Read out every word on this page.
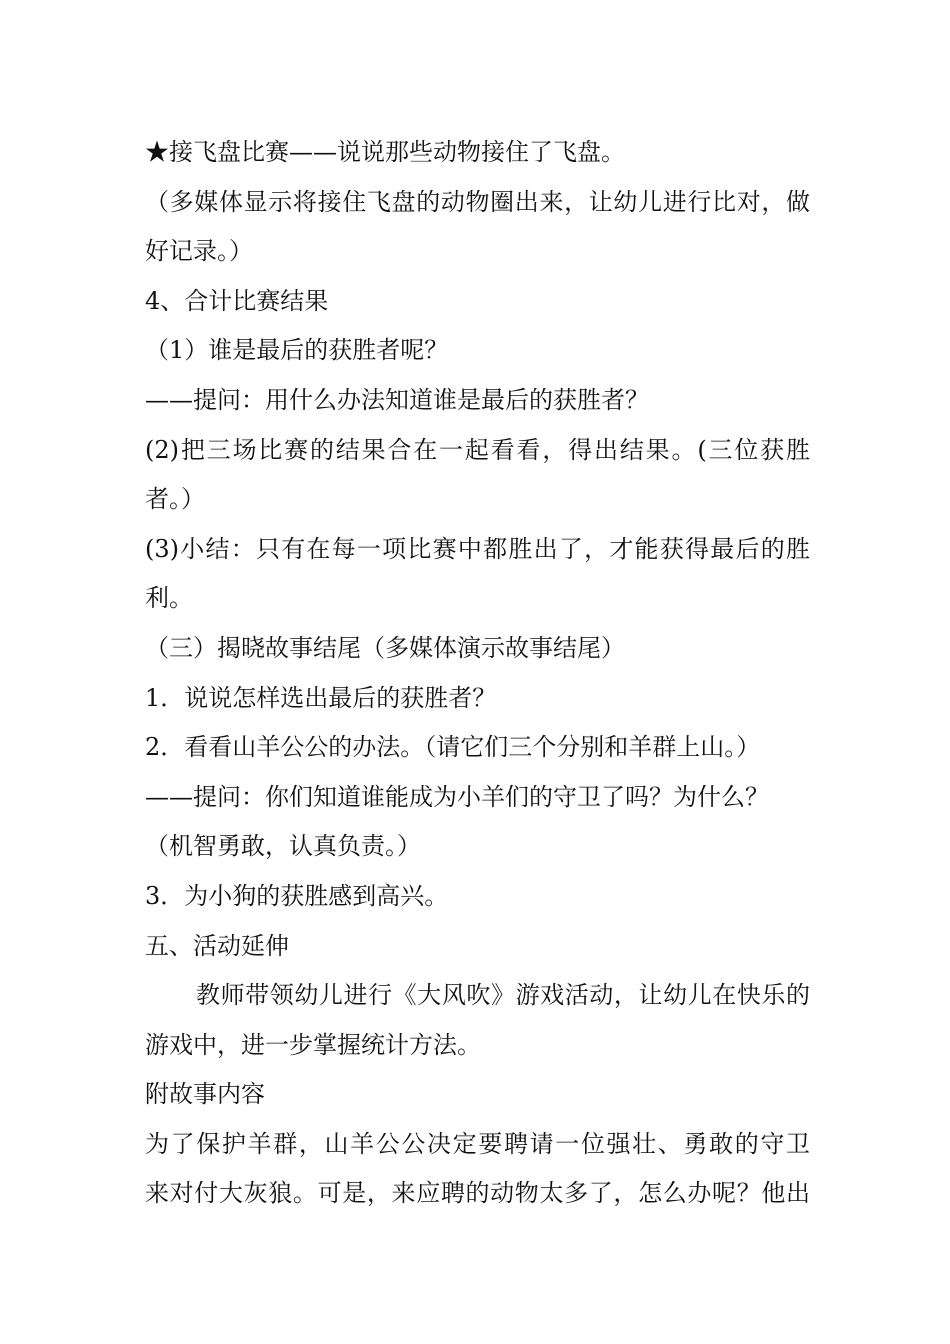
★接飞盘比赛——说说那些动物接住了飞盘。
（多媒体显示将接住飞盘的动物圈出来，让幼儿进行比对，做
好记录。）
4、合计比赛结果
（1）谁是最后的获胜者呢？
——提问：用什么办法知道谁是最后的获胜者？
(2)把三场比赛的结果合在一起看看，得出结果。(三位获胜
者。）
(3)小结：只有在每一项比赛中都胜出了，才能获得最后的胜
利。
（三）揭晓故事结尾（多媒体演示故事结尾）
1．说说怎样选出最后的获胜者？
2．看看山羊公公的办法。（请它们三个分别和羊群上山。）
——提问：你们知道谁能成为小羊们的守卫了吗？为什么？
（机智勇敢，认真负责。）
3．为小狗的获胜感到高兴。
五、活动延伸
教师带领幼儿进行《大风吹》游戏活动，让幼儿在快乐的
游戏中，进一步掌握统计方法。
附故事内容
为了保护羊群，山羊公公决定要聘请一位强壮、勇敢的守卫
来对付大灰狼。可是，来应聘的动物太多了，怎么办呢？他出
